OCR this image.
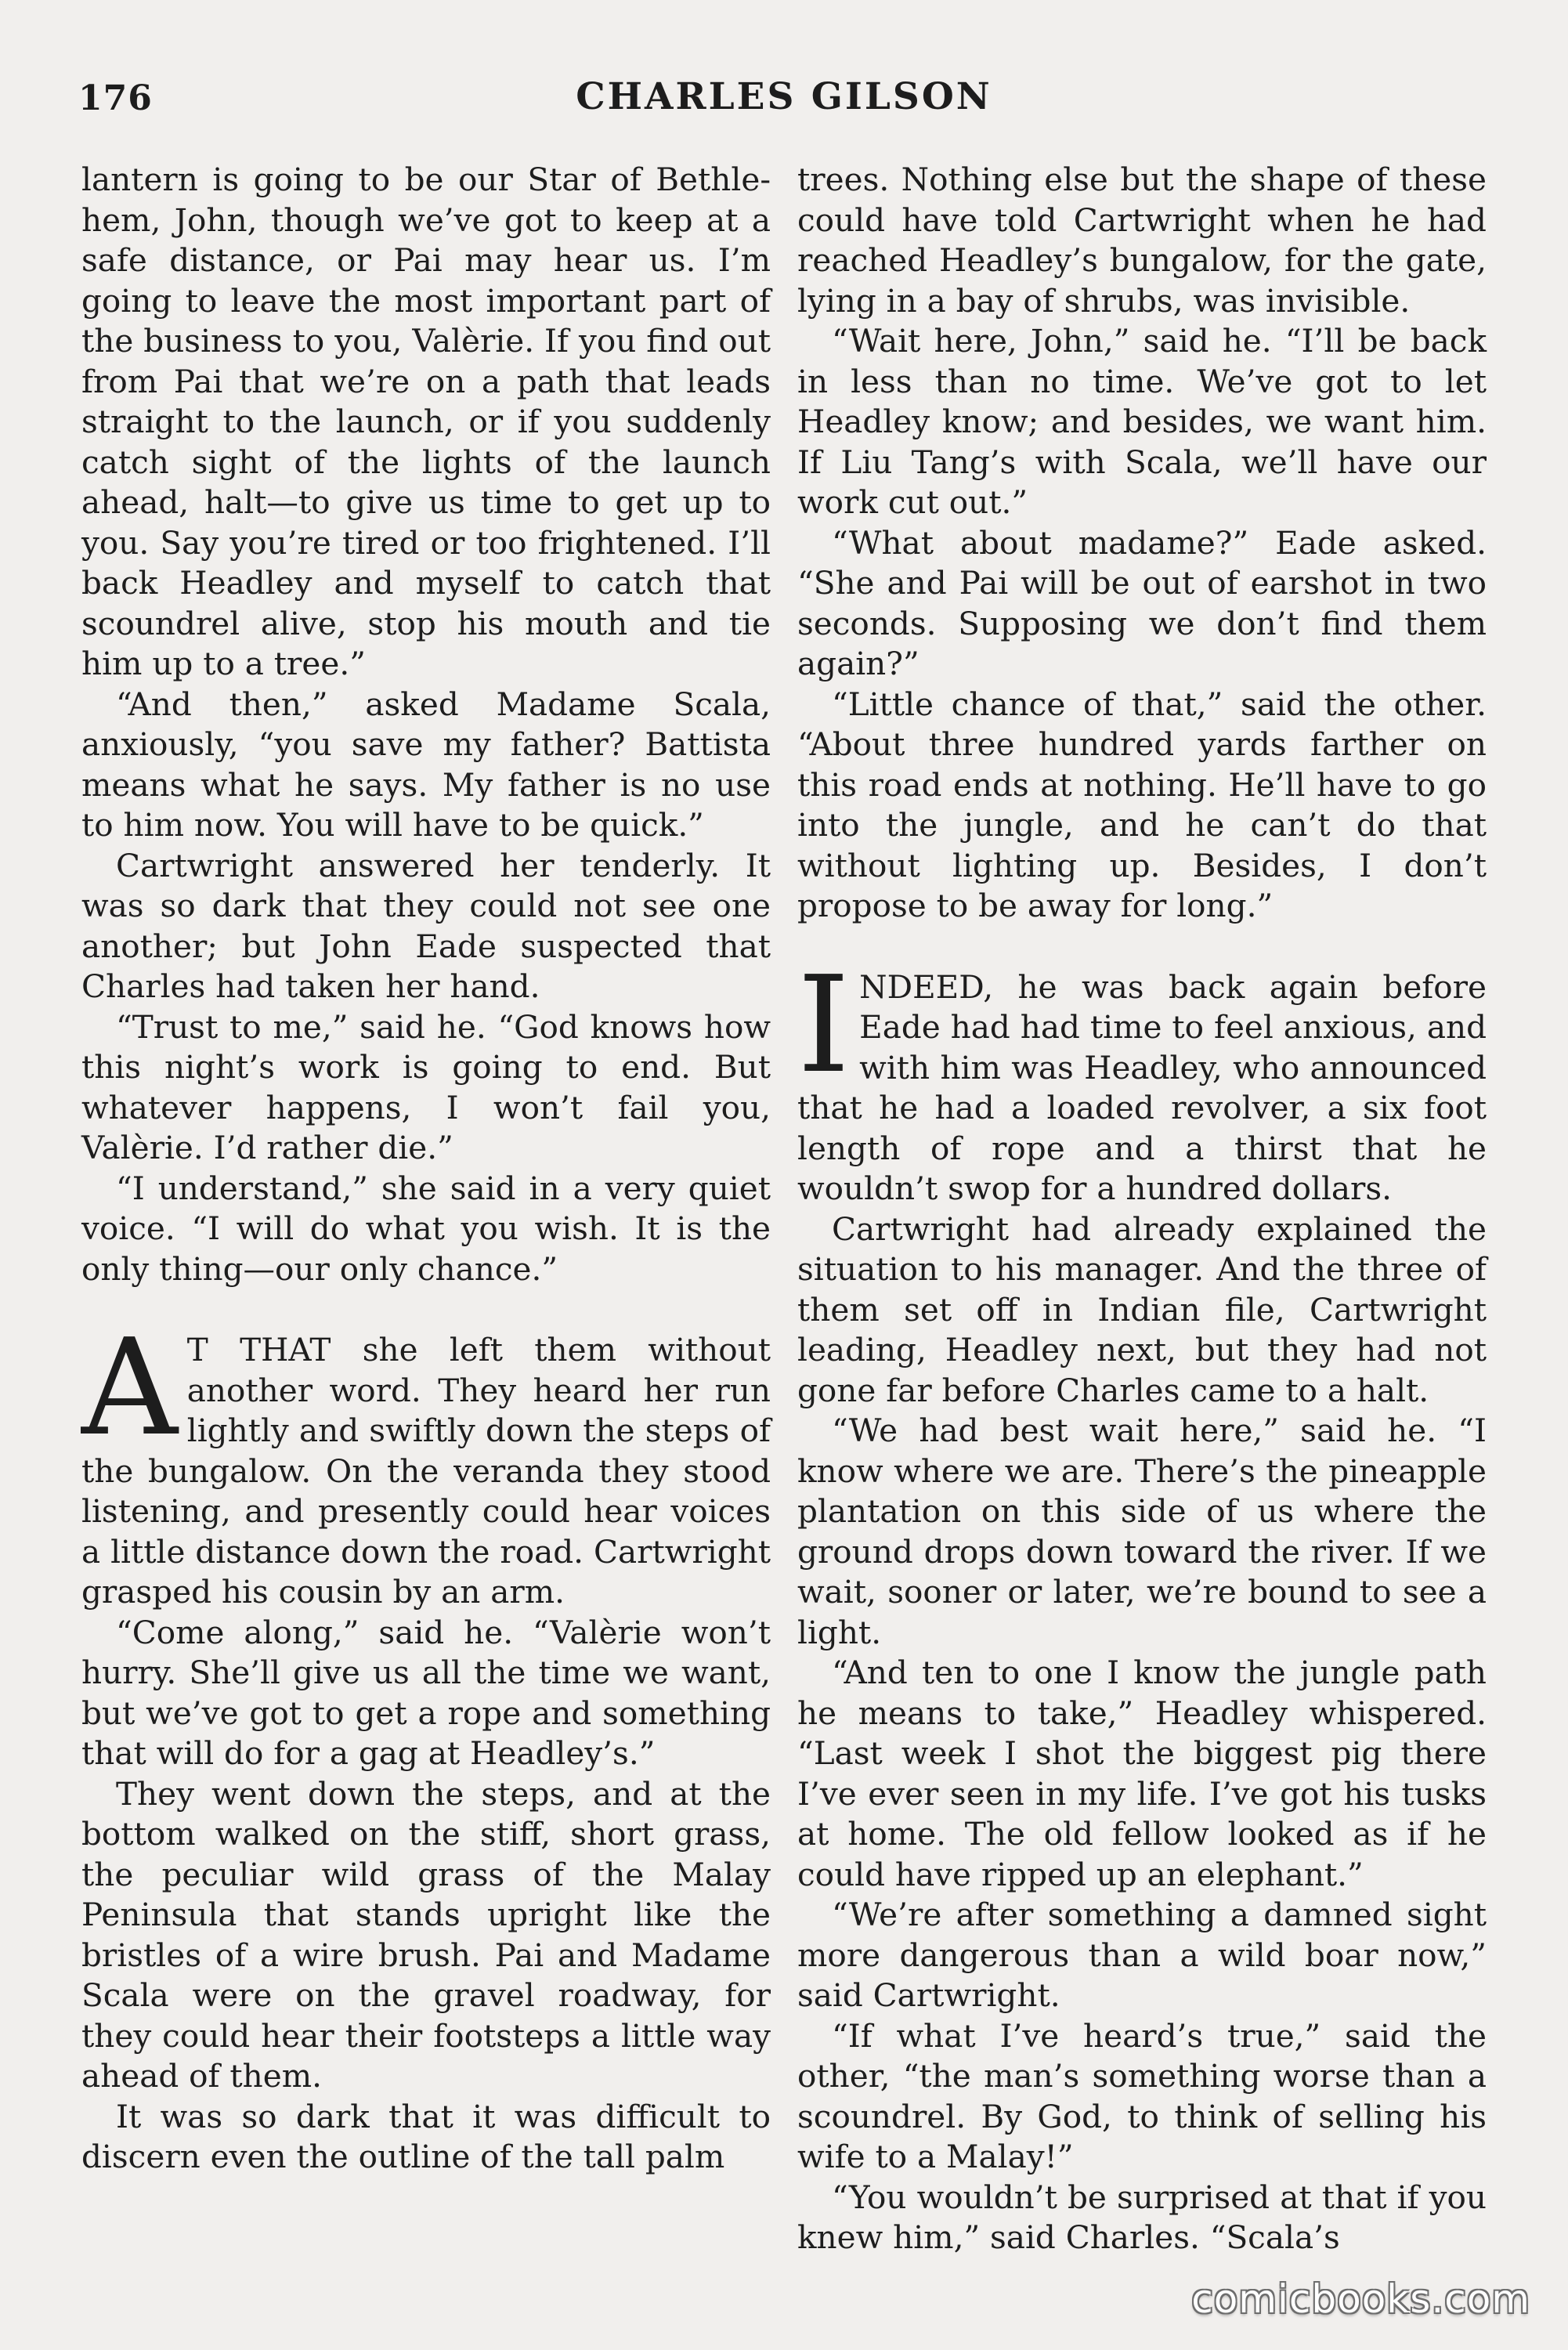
176	CHARLES GILSON

lantern is going to be our Star of Bethlehem, John, though we’ve got to keep at a safe distance, or Pai may hear us. I’m going to leave the most important part of the business to you, Valèrie. If you find out from Pai that we’re on a path that leads straight to the launch, or if you suddenly catch sight of the lights of the launch ahead, halt—to give us time to get up to you. Say you’re tired or too frightened. I’ll back Headley and myself to catch that scoundrel alive, stop his mouth and tie him up to a tree.”

“And then,” asked Madame Scala, anxiously, “you save my father? Battista means what he says. My father is no use to him now. You will have to be quick.”

Cartwright answered her tenderly. It was so dark that they could not see one another; but John Eade suspected that Charles had taken her hand.

“Trust to me,” said he. “God knows how this night’s work is going to end. But whatever happens, I won’t fail you, Valèrie. I’d rather die.”

“I understand,” she said in a very quiet voice. “I will do what you wish. It is the only thing—our only chance.”

A T THAT she left them without another word. They heard her run lightly and swiftly down the steps of the bungalow. On the veranda they stood listening, and presently could hear voices a little distance down the road. Cartwright grasped his cousin by an arm.

“Come along,” said he. “Valèrie won’t hurry. She’ll give us all the time we want, but we’ve got to get a rope and something that will do for a gag at Headley’s.”

They went down the steps, and at the bottom walked on the stiff, short grass, the peculiar wild grass of the Malay Peninsula that stands upright like the bristles of a wire brush. Pai and Madame Scala were on the gravel roadway, for they could hear their footsteps a little way ahead of them.

It was so dark that it was difficult to discern even the outline of the tall palm

trees. Nothing else but the shape of these could have told Cartwright when he had reached Headley’s bungalow, for the gate, lying in a bay of shrubs, was invisible.

“Wait here, John,” said he. “I’ll be back in less than no time. We’ve got to let Headley know; and besides, we want him. If Liu Tang’s with Scala, we’ll have our work cut out.”

“What about madame?” Eade asked. “She and Pai will be out of earshot in two seconds. Supposing we don’t find them again?”

“Little chance of that,” said the other. “About three hundred yards farther on this road ends at nothing. He’ll have to go into the jungle, and he can’t do that without lighting up. Besides, I don’t propose to be away for long.”

INDEED, he was back again before Eade had had time to feel anxious, and with him was Headley, who announced that he had a loaded revolver, a six foot length of rope and a thirst that he wouldn’t swop for a hundred dollars.

Cartwright had already explained the situation to his manager. And the three of them set off in Indian file, Cartwright leading, Headley next, but they had not gone far before Charles came to a halt.

“We had best wait here,” said he. “I know where we are. There’s the pineapple plantation on this side of us where the ground drops down toward the river. If we wait, sooner or later, we’re bound to see a light.

“And ten to one I know the jungle path he means to take,” Headley whispered. “Last week I shot the biggest pig there I’ve ever seen in my life. I’ve got his tusks at home. The old fellow looked as if he could have ripped up an elephant.”

“We’re after something a damned sight more dangerous than a wild boar now,” said Cartwright.

“If what I’ve heard’s true,” said the other, “the man’s something worse than a scoundrel. By God, to think of selling his wife to a Malay!”

“You wouldn’t be surprised at that if you knew him,” said Charles. “Scala’s

comicbooks.com
